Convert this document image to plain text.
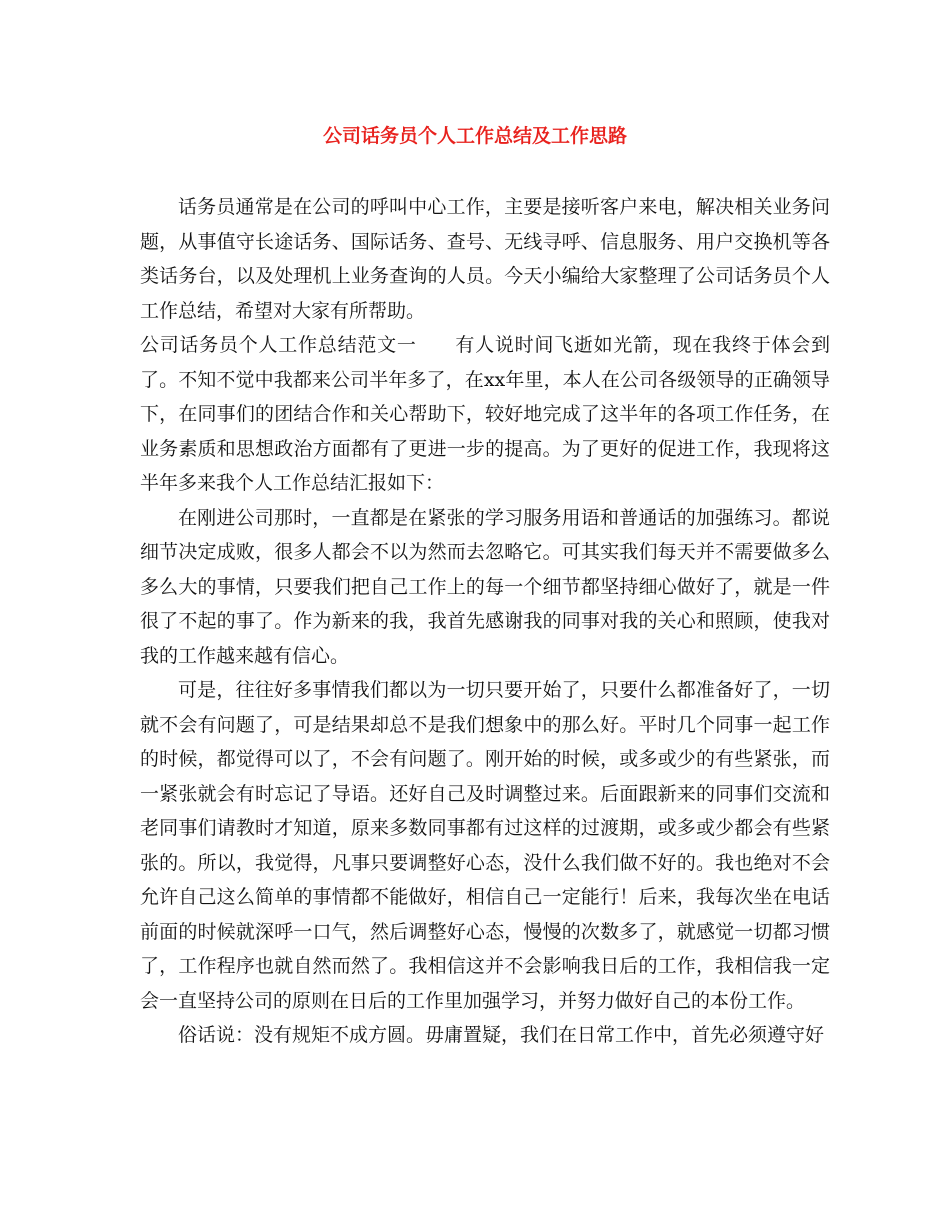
公司话务员个人工作总结及工作思路

话务员通常是在公司的呼叫中心工作，主要是接听客户来电，解决相关业务问题，从事值守长途话务、国际话务、查号、无线寻呼、信息服务、用户交换机等各类话务台，以及处理机上业务查询的人员。今天小编给大家整理了公司话务员个人工作总结，希望对大家有所帮助。

公司话务员个人工作总结范文一 有人说时间飞逝如光箭，现在我终于体会到了。不知不觉中我都来公司半年多了，在xx年里，本人在公司各级领导的正确领导下，在同事们的团结合作和关心帮助下，较好地完成了这半年的各项工作任务，在业务素质和思想政治方面都有了更进一步的提高。为了更好的促进工作，我现将这半年多来我个人工作总结汇报如下：

在刚进公司那时，一直都是在紧张的学习服务用语和普通话的加强练习。都说细节决定成败，很多人都会不以为然而去忽略它。可其实我们每天并不需要做多么多么大的事情，只要我们把自己工作上的每一个细节都坚持细心做好了，就是一件很了不起的事了。作为新来的我，我首先感谢我的同事对我的关心和照顾，使我对我的工作越来越有信心。

可是，往往好多事情我们都以为一切只要开始了，只要什么都准备好了，一切就不会有问题了，可是结果却总不是我们想象中的那么好。平时几个同事一起工作的时候，都觉得可以了，不会有问题了。刚开始的时候，或多或少的有些紧张，而一紧张就会有时忘记了导语。还好自己及时调整过来。后面跟新来的同事们交流和老同事们请教时才知道，原来多数同事都有过这样的过渡期，或多或少都会有些紧张的。所以，我觉得，凡事只要调整好心态，没什么我们做不好的。我也绝对不会允许自己这么简单的事情都不能做好，相信自己一定能行！后来，我每次坐在电话前面的时候就深呼一口气，然后调整好心态，慢慢的次数多了，就感觉一切都习惯了，工作程序也就自然而然了。我相信这并不会影响我日后的工作，我相信我一定会一直坚持公司的原则在日后的工作里加强学习，并努力做好自己的本份工作。

俗话说：没有规矩不成方圆。毋庸置疑，我们在日常工作中，首先必须遵守好
